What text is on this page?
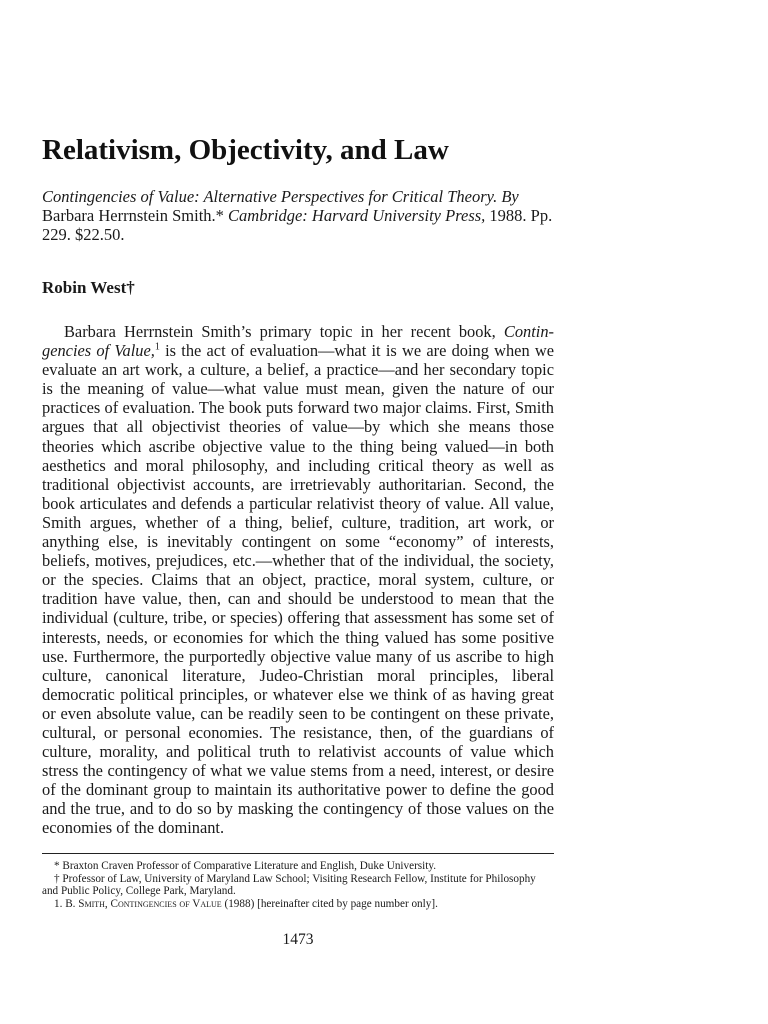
Relativism, Objectivity, and Law

Contingencies of Value: Alternative Perspectives for Critical Theory. By Barbara Herrnstein Smith.* Cambridge: Harvard University Press, 1988. Pp. 229. $22.50.

Robin West†

Barbara Herrnstein Smith’s primary topic in her recent book, Contingencies of Value,$^1$ is the act of evaluation—what it is we are doing when we evaluate an art work, a culture, a belief, a practice—and her secondary topic is the meaning of value—what value must mean, given the nature of our practices of evaluation. The book puts forward two major claims. First, Smith argues that all objectivist theories of value—by which she means those theories which ascribe objective value to the thing being valued—in both aesthetics and moral philosophy, and including critical theory as well as traditional objectivist accounts, are irretrievably authoritarian. Second, the book articulates and defends a particular relativist theory of value. All value, Smith argues, whether of a thing, belief, culture, tradition, art work, or anything else, is inevitably contingent on some “economy” of interests, beliefs, motives, prejudices, etc.—whether that of the individual, the society, or the species. Claims that an object, practice, moral system, culture, or tradition have value, then, can and should be understood to mean that the individual (culture, tribe, or species) offering that assessment has some set of interests, needs, or economies for which the thing valued has some positive use. Furthermore, the purportedly objective value many of us ascribe to high culture, canonical literature, Judeo-Christian moral principles, liberal democratic political principles, or whatever else we think of as having great or even absolute value, can be readily seen to be contingent on these private, cultural, or personal economies. The resistance, then, of the guardians of culture, morality, and political truth to relativist accounts of value which stress the contingency of what we value stems from a need, interest, or desire of the dominant group to maintain its authoritative power to define the good and the true, and to do so by masking the contingency of those values on the economies of the dominant.

* Braxton Craven Professor of Comparative Literature and English, Duke University.

† Professor of Law, University of Maryland Law School; Visiting Research Fellow, Institute for Philosophy and Public Policy, College Park, Maryland.

1. B. Smith, Contingencies of Value (1988) [hereinafter cited by page number only].

1473
